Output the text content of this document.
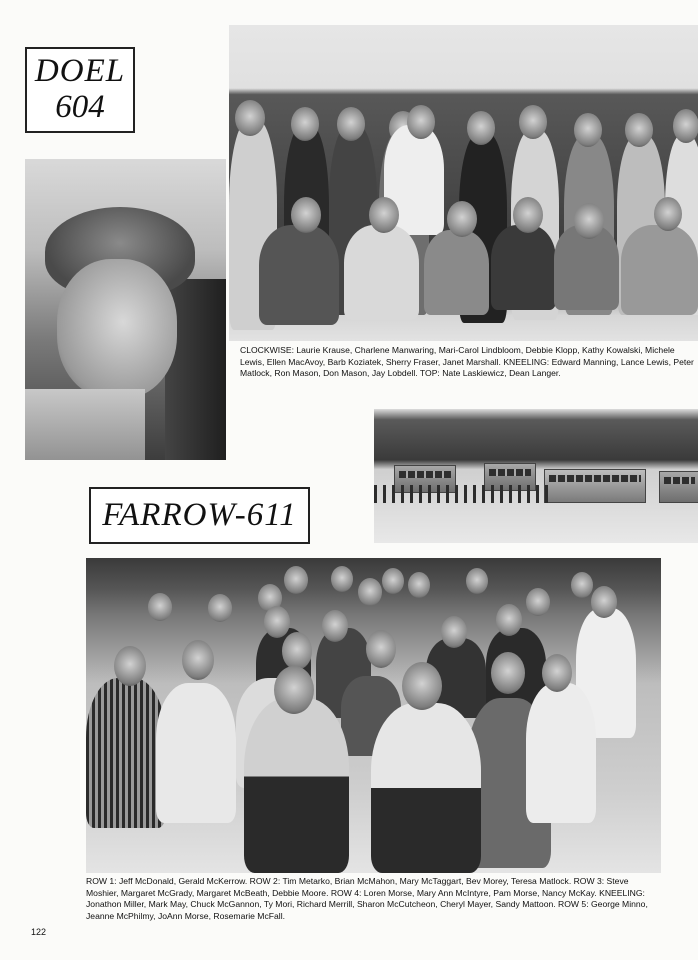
DOEL
604
CLOCKWISE: Laurie Krause, Charlene Manwaring, Mari-Carol Lindbloom, Debbie Klopp, Kathy Kowalski, Michele Lewis, Ellen MacAvoy, Barb Koziatek, Sherry Fraser, Janet Marshall. KNEELING: Edward Manning, Lance Lewis, Peter Matlock, Ron Mason, Don Mason, Jay Lobdell. TOP: Nate Laskiewicz, Dean Langer.
FARROW-611
ROW 1: Jeff McDonald, Gerald McKerrow. ROW 2: Tim Metarko, Brian McMahon, Mary McTaggart, Bev Morey, Teresa Matlock. ROW 3: Steve Moshier, Margaret McGrady, Margaret McBeath, Debbie Moore. ROW 4: Loren Morse, Mary Ann McIntyre, Pam Morse, Nancy McKay. KNEELING: Jonathon Miller, Mark May, Chuck McGannon, Ty Mori, Richard Merrill, Sharon McCutcheon, Cheryl Mayer, Sandy Mattoon. ROW 5: George Minno, Jeanne McPhilmy, JoAnn Morse, Rosemarie McFall.
122
